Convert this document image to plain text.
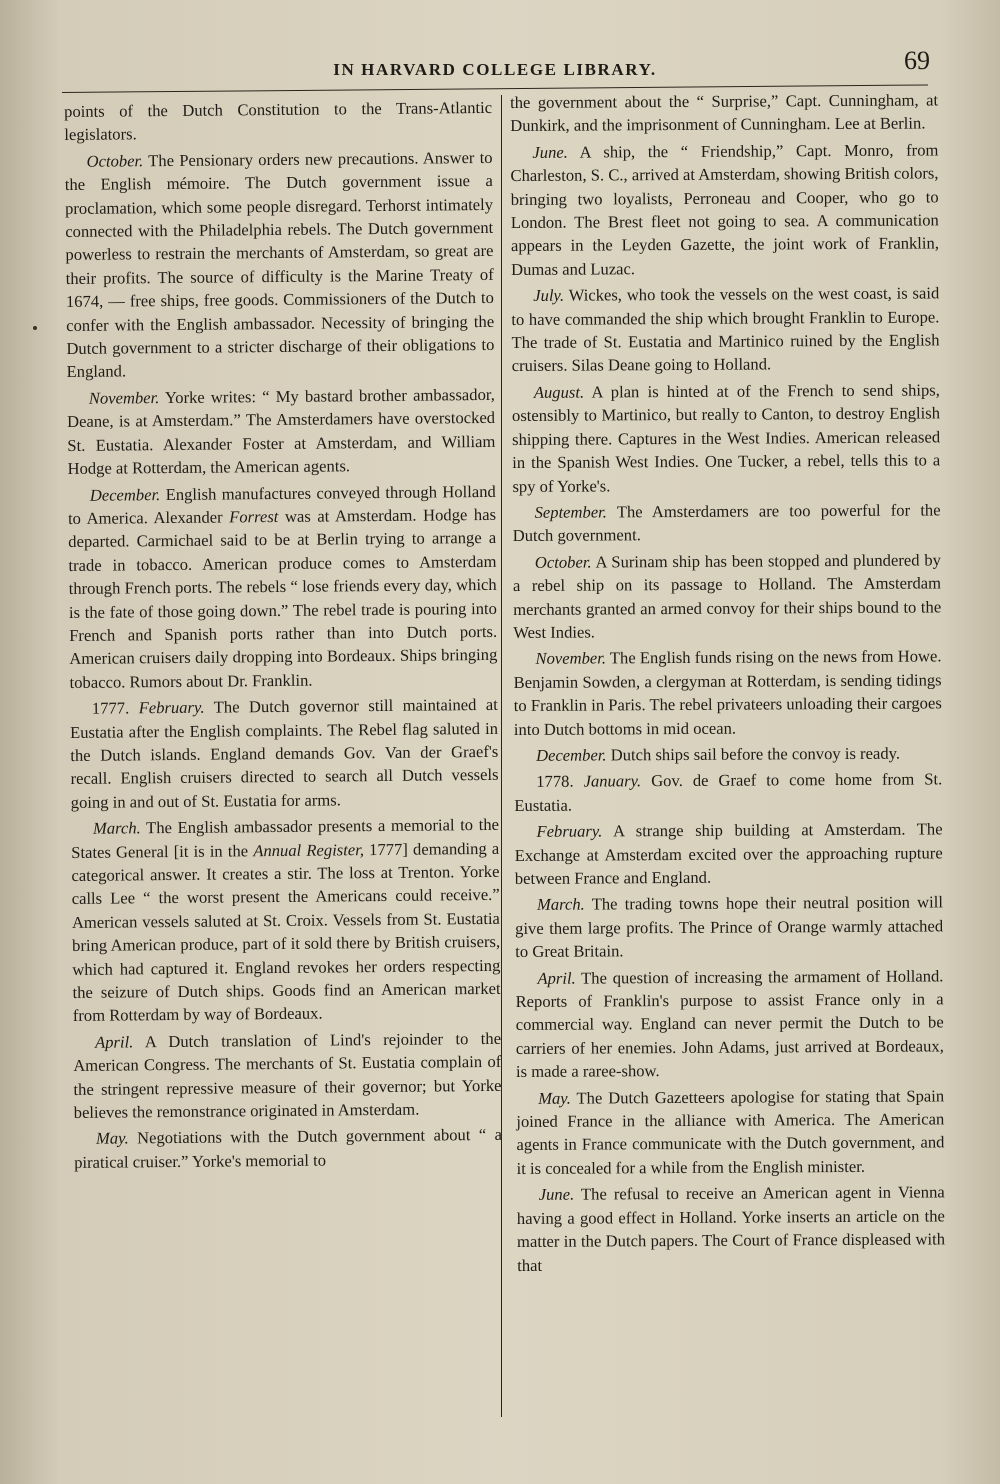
IN HARVARD COLLEGE LIBRARY.	69

points of the Dutch Constitution to the Trans-Atlantic legislators.

October. The Pensionary orders new precautions. Answer to the English mémoire. The Dutch government issue a proclamation, which some people disregard. Terhorst intimately connected with the Philadelphia rebels. The Dutch government powerless to restrain the merchants of Amsterdam, so great are their profits. The source of difficulty is the Marine Treaty of 1674, — free ships, free goods. Commissioners of the Dutch to confer with the English ambassador. Necessity of bringing the Dutch government to a stricter discharge of their obligations to England.

November. Yorke writes: “ My bastard brother ambassador, Deane, is at Amsterdam.” The Amsterdamers have overstocked St. Eustatia. Alexander Foster at Amsterdam, and William Hodge at Rotterdam, the American agents.

December. English manufactures conveyed through Holland to America. Alexander Forrest was at Amsterdam. Hodge has departed. Carmichael said to be at Berlin trying to arrange a trade in tobacco. American produce comes to Amsterdam through French ports. The rebels “ lose friends every day, which is the fate of those going down.” The rebel trade is pouring into French and Spanish ports rather than into Dutch ports. American cruisers daily dropping into Bordeaux. Ships bringing tobacco. Rumors about Dr. Franklin.

1777. February. The Dutch governor still maintained at Eustatia after the English complaints. The Rebel flag saluted in the Dutch islands. England demands Gov. Van der Graef's recall. English cruisers directed to search all Dutch vessels going in and out of St. Eustatia for arms.

March. The English ambassador presents a memorial to the States General [it is in the Annual Register, 1777] demanding a categorical answer. It creates a stir. The loss at Trenton. Yorke calls Lee “ the worst present the Americans could receive.” American vessels saluted at St. Croix. Vessels from St. Eustatia bring American produce, part of it sold there by British cruisers, which had captured it. England revokes her orders respecting the seizure of Dutch ships. Goods find an American market from Rotterdam by way of Bordeaux.

April. A Dutch translation of Lind's rejoinder to the American Congress. The merchants of St. Eustatia complain of the stringent repressive measure of their governor; but Yorke believes the remonstrance originated in Amsterdam.

May. Negotiations with the Dutch government about “ a piratical cruiser.” Yorke's memorial to

the government about the “ Surprise,” Capt. Cunningham, at Dunkirk, and the imprisonment of Cunningham. Lee at Berlin.

June. A ship, the “ Friendship,” Capt. Monro, from Charleston, S. C., arrived at Amsterdam, showing British colors, bringing two loyalists, Perroneau and Cooper, who go to London. The Brest fleet not going to sea. A communication appears in the Leyden Gazette, the joint work of Franklin, Dumas and Luzac.

July. Wickes, who took the vessels on the west coast, is said to have commanded the ship which brought Franklin to Europe. The trade of St. Eustatia and Martinico ruined by the English cruisers. Silas Deane going to Holland.

August. A plan is hinted at of the French to send ships, ostensibly to Martinico, but really to Canton, to destroy English shipping there. Captures in the West Indies. American released in the Spanish West Indies. One Tucker, a rebel, tells this to a spy of Yorke's.

September. The Amsterdamers are too powerful for the Dutch government.

October. A Surinam ship has been stopped and plundered by a rebel ship on its passage to Holland. The Amsterdam merchants granted an armed convoy for their ships bound to the West Indies.

November. The English funds rising on the news from Howe. Benjamin Sowden, a clergyman at Rotterdam, is sending tidings to Franklin in Paris. The rebel privateers unloading their cargoes into Dutch bottoms in mid ocean.

December. Dutch ships sail before the convoy is ready.

1778. January. Gov. de Graef to come home from St. Eustatia.

February. A strange ship building at Amsterdam. The Exchange at Amsterdam excited over the approaching rupture between France and England.

March. The trading towns hope their neutral position will give them large profits. The Prince of Orange warmly attached to Great Britain.

April. The question of increasing the armament of Holland. Reports of Franklin's purpose to assist France only in a commercial way. England can never permit the Dutch to be carriers of her enemies. John Adams, just arrived at Bordeaux, is made a raree-show.

May. The Dutch Gazetteers apologise for stating that Spain joined France in the alliance with America. The American agents in France communicate with the Dutch government, and it is concealed for a while from the English minister.

June. The refusal to receive an American agent in Vienna having a good effect in Holland. Yorke inserts an article on the matter in the Dutch papers. The Court of France displeased with that
